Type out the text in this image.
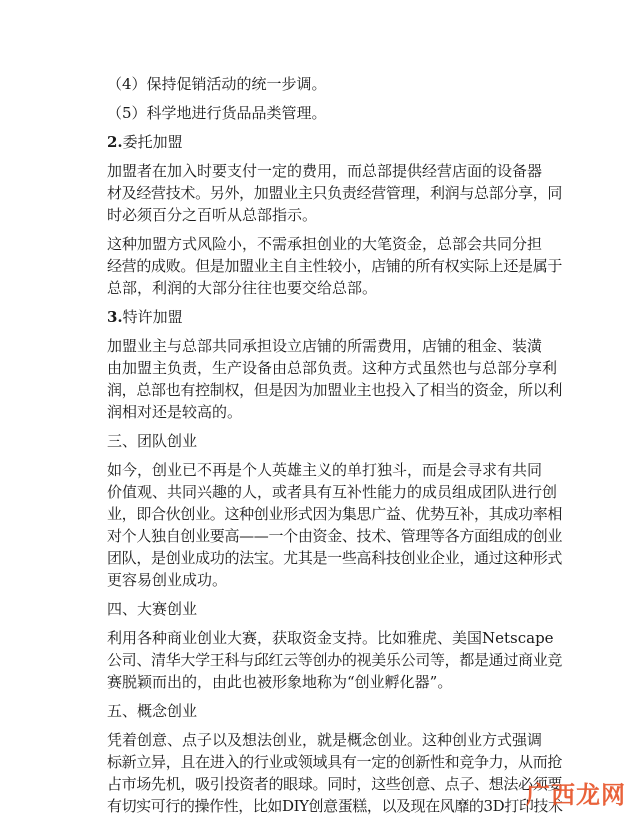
（4）保持促销活动的统一步调。
（5）科学地进行货品品类管理。
2.委托加盟
加盟者在加入时要支付一定的费用，而总部提供经营店面的设备器
材及经营技术。另外，加盟业主只负责经营管理，利润与总部分享，同
时必须百分之百听从总部指示。
这种加盟方式风险小，不需承担创业的大笔资金，总部会共同分担
经营的成败。但是加盟业主自主性较小，店铺的所有权实际上还是属于
总部，利润的大部分往往也要交给总部。
3.特许加盟
加盟业主与总部共同承担设立店铺的所需费用，店铺的租金、装潢
由加盟主负责，生产设备由总部负责。这种方式虽然也与总部分享利
润，总部也有控制权，但是因为加盟业主也投入了相当的资金，所以利
润相对还是较高的。
三、团队创业
如今，创业已不再是个人英雄主义的单打独斗，而是会寻求有共同
价值观、共同兴趣的人，或者具有互补性能力的成员组成团队进行创
业，即合伙创业。这种创业形式因为集思广益、优势互补，其成功率相
对个人独自创业要高——一个由资金、技术、管理等各方面组成的创业
团队，是创业成功的法宝。尤其是一些高科技创业企业，通过这种形式
更容易创业成功。
四、大赛创业
利用各种商业创业大赛，获取资金支持。比如雅虎、美国Netscape
公司、清华大学王科与邱红云等创办的视美乐公司等，都是通过商业竞
赛脱颖而出的，由此也被形象地称为“创业孵化器”。
五、概念创业
凭着创意、点子以及想法创业，就是概念创业。这种创业方式强调
标新立异，且在进入的行业或领域具有一定的创新性和竞争力，从而抢
占市场先机，吸引投资者的眼球。同时，这些创意、点子、想法必须要
有切实可行的操作性，比如DIY创意蛋糕，以及现在风靡的3D打印技术
广西龙网
